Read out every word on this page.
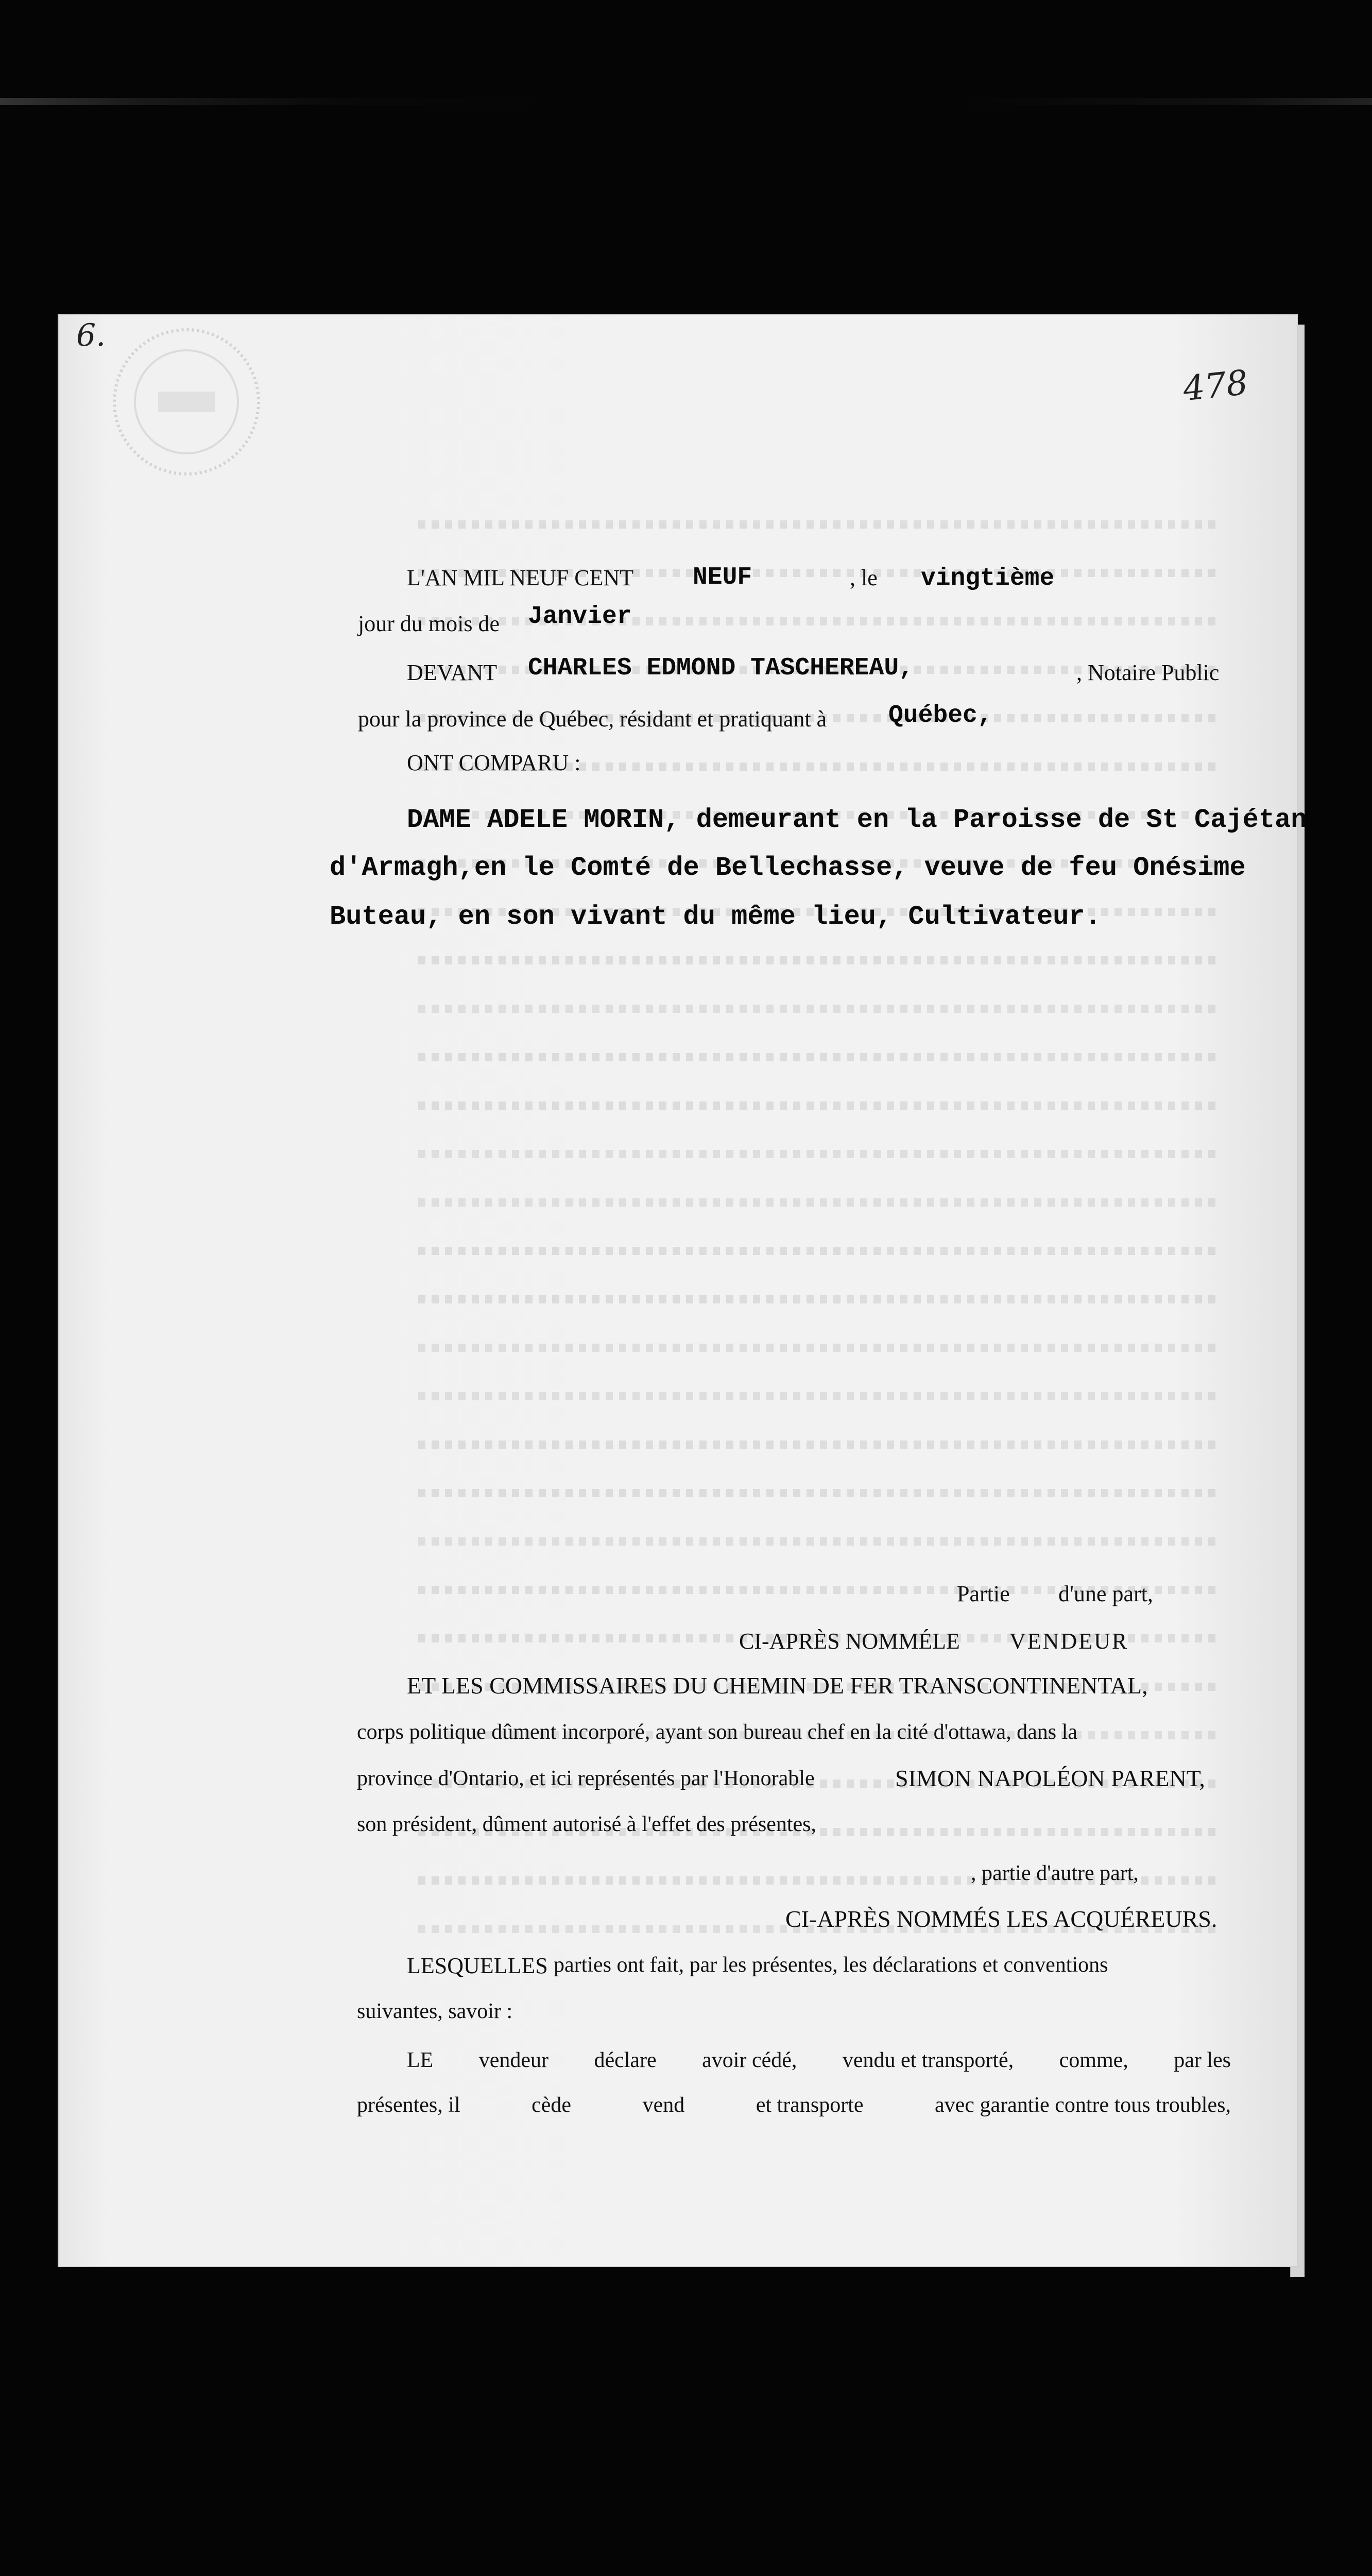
6.
478
L'AN MIL NEUF CENT NEUF	, le vingtième
jour du mois de Janvier
DEVANT CHARLES EDMOND TASCHEREAU,	, Notaire Public
pour la province de Québec, résidant et pratiquant à Québec,
ONT COMPARU :
DAME ADELE MORIN, demeurant en la Paroisse de St Cajétan
d'Armagh,en le Comté de Bellechasse, veuve de feu Onésime
Buteau, en son vivant du même lieu, Cultivateur.
Partie d'une part,
CI-APRÈS NOMMÉ LE VENDEUR
ET LES COMMISSAIRES DU CHEMIN DE FER TRANSCONTINENTAL,
corps politique dûment incorporé, ayant son bureau chef en la cité d'ottawa, dans la
province d'Ontario, et ici représentés par l'Honorable	SIMON NAPOLÉON PARENT,
son président, dûment autorisé à l'effet des présentes,
, partie d'autre part,
CI-APRÈS NOMMÉS LES ACQUÉREURS.
LESQUELLES parties ont fait, par les présentes, les déclarations et conventions
suivantes, savoir :
LE vendeur déclare avoir cédé, vendu et transporté, comme, par les
présentes, il	cède	vend	et transporte	avec garantie contre tous troubles,
